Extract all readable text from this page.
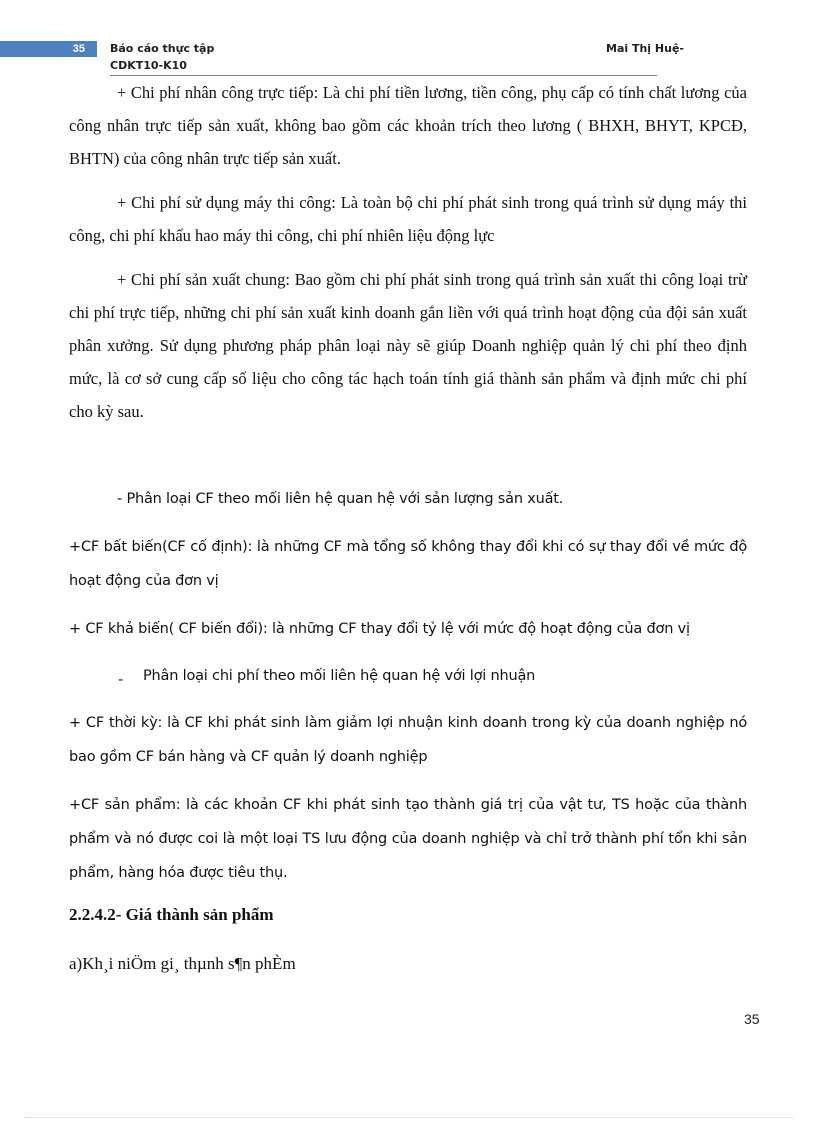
35	Báo cáo thực tập
CDKT10-K10
Mai Thị Huệ-
+ Chi phí nhân công trực tiếp: Là chi phí tiền lương, tiền công, phụ cấp có tính chất lương của công nhân trực tiếp sản xuất, không bao gồm các khoản trích theo lương ( BHXH, BHYT, KPCĐ, BHTN) của công nhân trực tiếp sản xuất.
+ Chi phí sử dụng máy thi công: Là toàn bộ chi phí phát sinh trong quá trình sử dụng máy thi công, chi phí khấu hao máy thi công, chi phí nhiên liệu động lực
+ Chi phí sản xuất chung: Bao gồm chi phí phát sinh trong quá trình sản xuất thi công loại trừ chi phí trực tiếp, những chi phí sản xuất kinh doanh gắn liền với quá trình hoạt động của đội sản xuất phân xưởng. Sử dụng phương pháp phân loại này sẽ giúp Doanh nghiệp quản lý chi phí theo định mức, là cơ sở cung cấp số liệu cho công tác hạch toán tính giá thành sản phẩm và định mức chi phí cho kỳ sau.
- Phân loại CF theo mối liên hệ quan hệ với sản lượng sản xuất.
+CF bất biến(CF cố định): là những CF mà tổng số không thay đổi khi có sự thay đổi về mức độ hoạt động của đơn vị
+ CF khả biến( CF biến đổi): là những CF thay đổi tỷ lệ với mức độ hoạt động của đơn vị
- Phân loại chi phí theo mối liên hệ quan hệ với lợi nhuận
+ CF thời kỳ: là CF khi phát sinh làm giảm lợi nhuận kinh doanh trong kỳ của doanh nghiệp nó bao gồm CF bán hàng và CF quản lý doanh nghiệp
+CF sản phẩm: là các khoản CF khi phát sinh tạo thành giá trị của vật tư, TS hoặc của thành phẩm và nó được coi là một loại TS lưu động của doanh nghiệp và chỉ trở thành phí tổn khi sản phẩm, hàng hóa được tiêu thụ.
2.2.4.2- Giá thành sản phẩm
a)Kh¸i niÖm gi¸ thµnh s¶n phÈm
35
